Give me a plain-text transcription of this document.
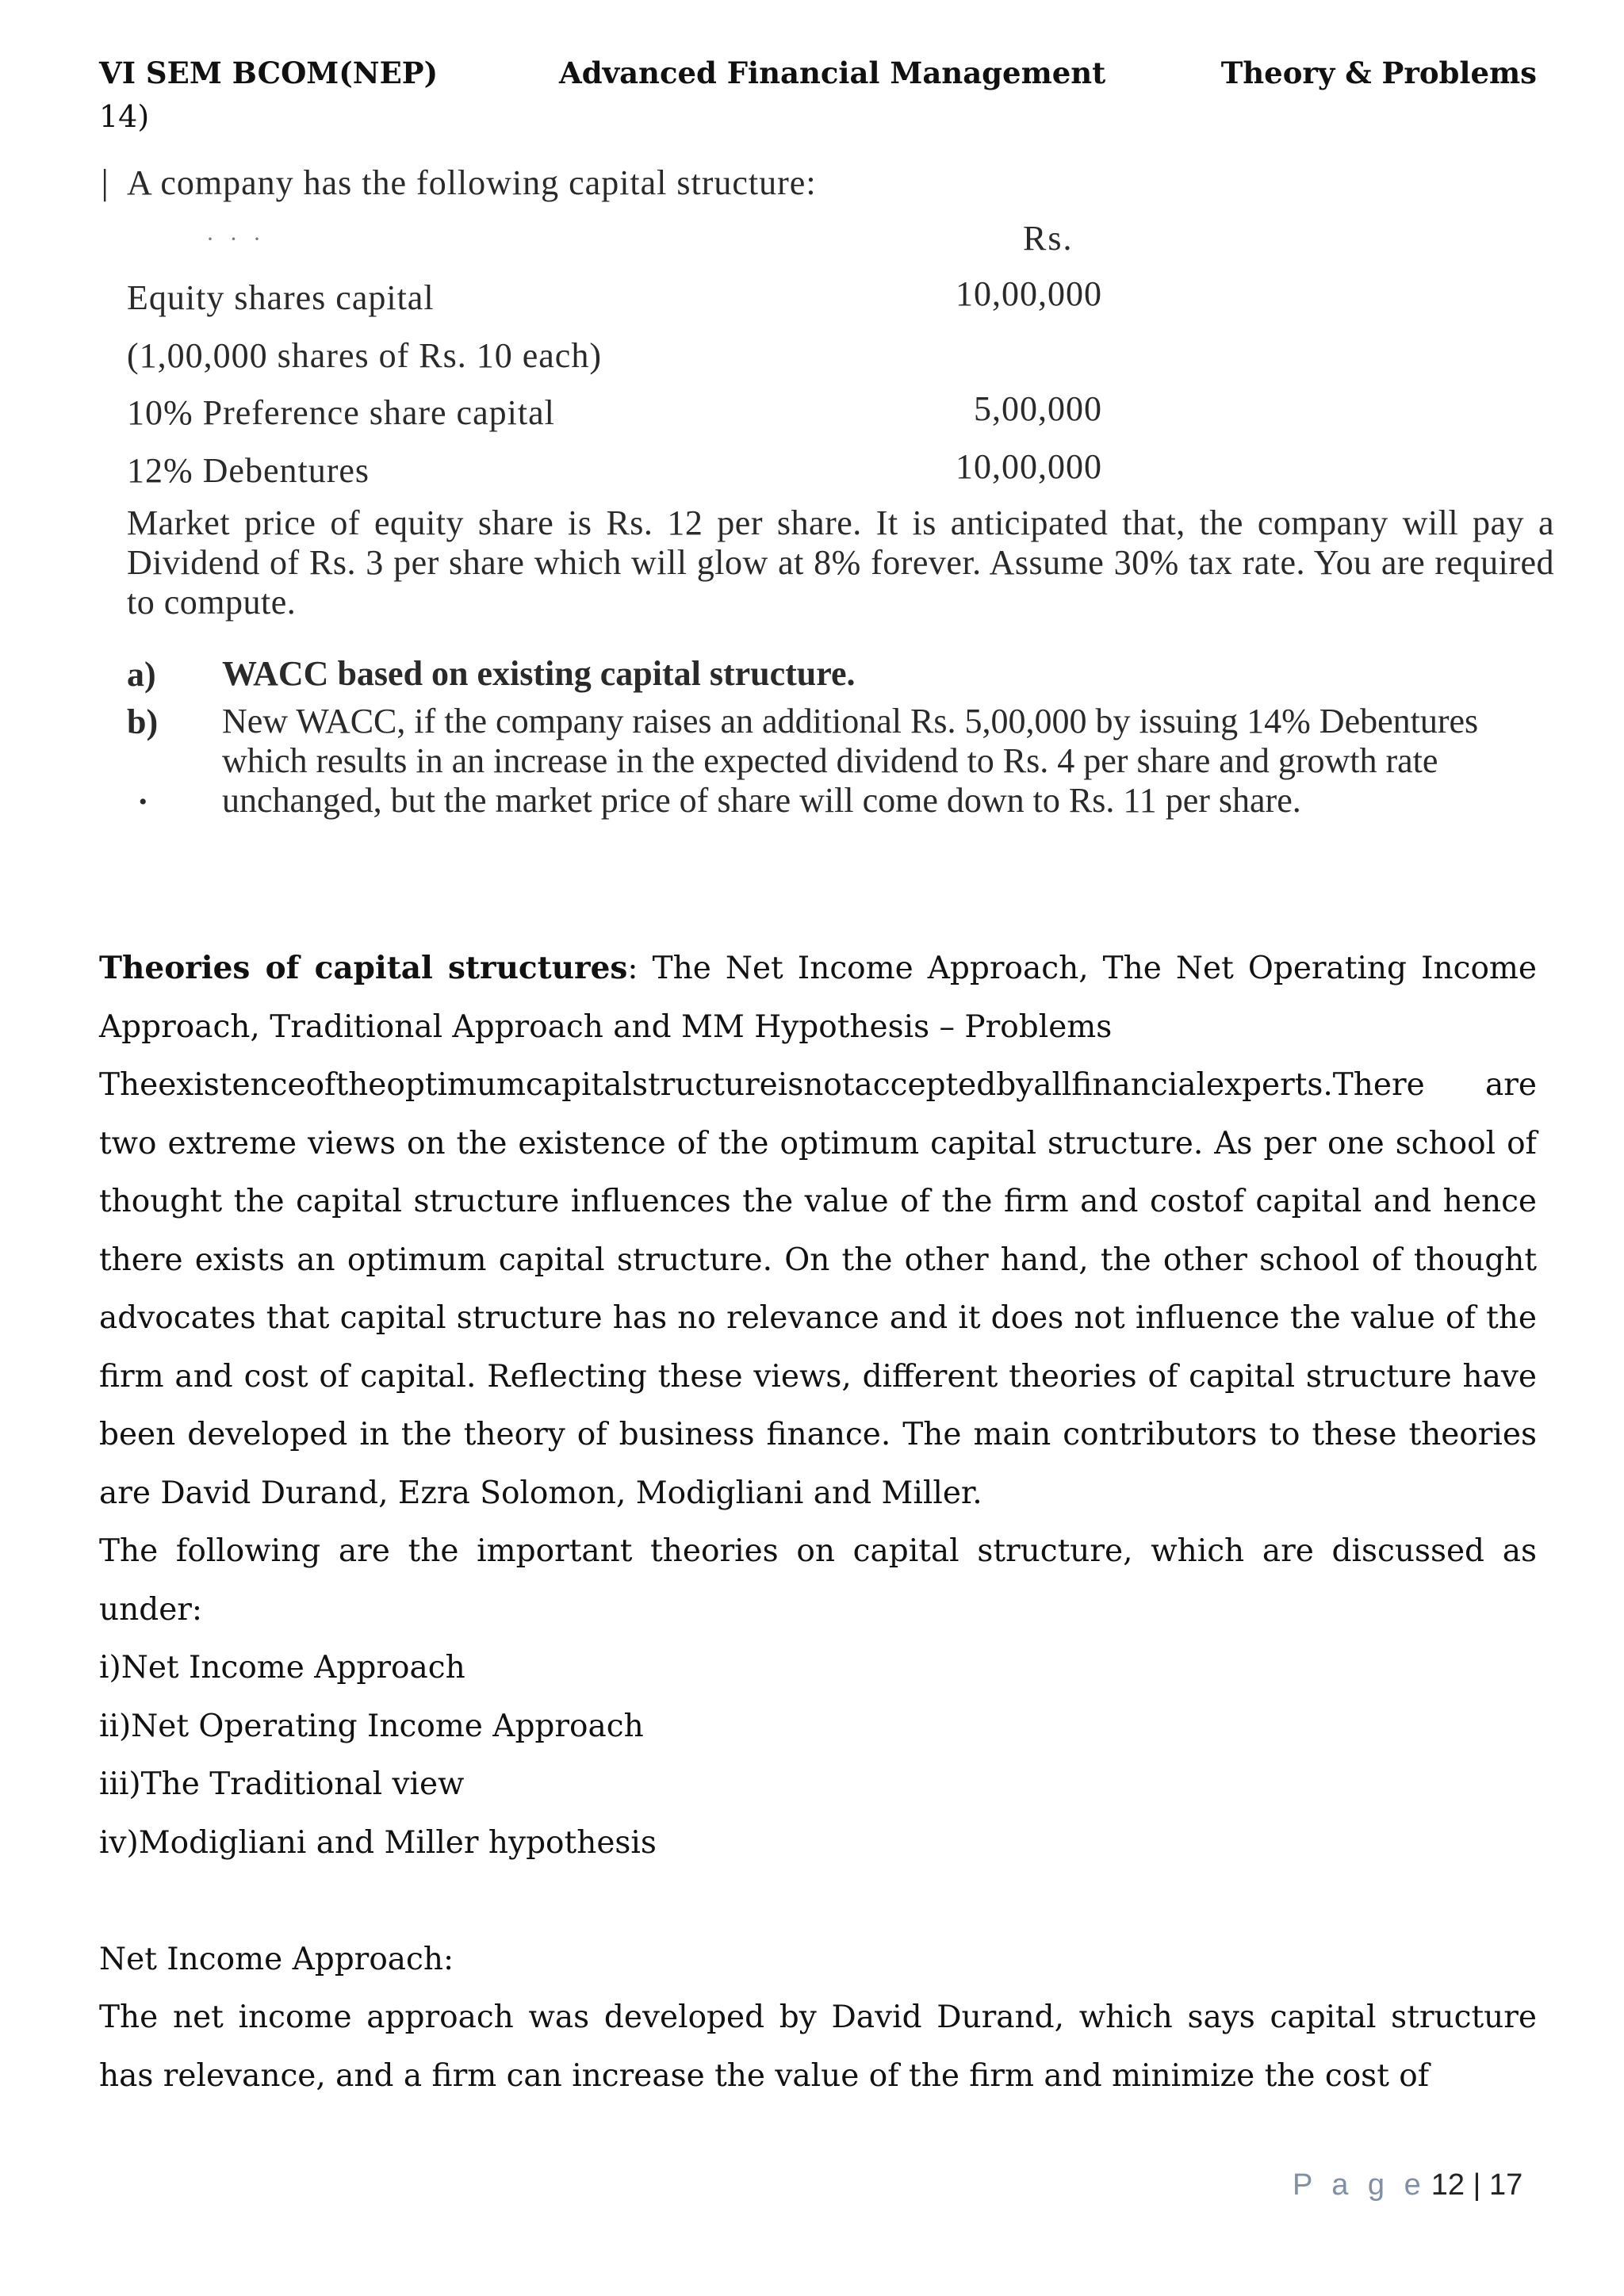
VI SEM BCOM(NEP)	Advanced Financial Management	Theory & Problems
14)
│ A company has the following capital structure:
· · ·	Rs.
Equity shares capital	10,00,000
(1,00,000 shares of Rs. 10 each)
10% Preference share capital	5,00,000
12% Debentures	10,00,000
Market price of equity share is Rs. 12 per share. It is anticipated that, the company will pay a Dividend of Rs. 3 per share which will glow at 8% forever. Assume 30% tax rate. You are required to compute.
a) WACC based on existing capital structure.
b) New WACC, if the company raises an additional Rs. 5,00,000 by issuing 14% Debentures which results in an increase in the expected dividend to Rs. 4 per share and growth rate unchanged, but the market price of share will come down to Rs. 11 per share.
•

Theories of capital structures: The Net Income Approach, The Net Operating Income Approach, Traditional Approach and MM Hypothesis – Problems

Theexistenceoftheoptimumcapitalstructureisnotacceptedbyallfinancialexperts.There   are

two extreme views on the existence of the optimum capital structure. As per one school of thought the capital structure influences the value of the firm and costof capital and hence there exists an optimum capital structure. On the other hand, the other school of thought advocates that capital structure has no relevance and it does not influence the value of the firm and cost of capital. Reflecting these views, different theories of capital structure have been developed in the theory of business finance. The main contributors to these theories are David Durand, Ezra Solomon, Modigliani and Miller.

The following are the important theories on capital structure, which are discussed as under:

i)Net Income Approach

ii)Net Operating Income Approach

iii)The Traditional view

iv)Modigliani and Miller hypothesis

Net Income Approach:

The net income approach was developed by David Durand, which says capital structure has relevance, and a firm can increase the value of the firm and minimize the cost of

P a g e 12 | 17
